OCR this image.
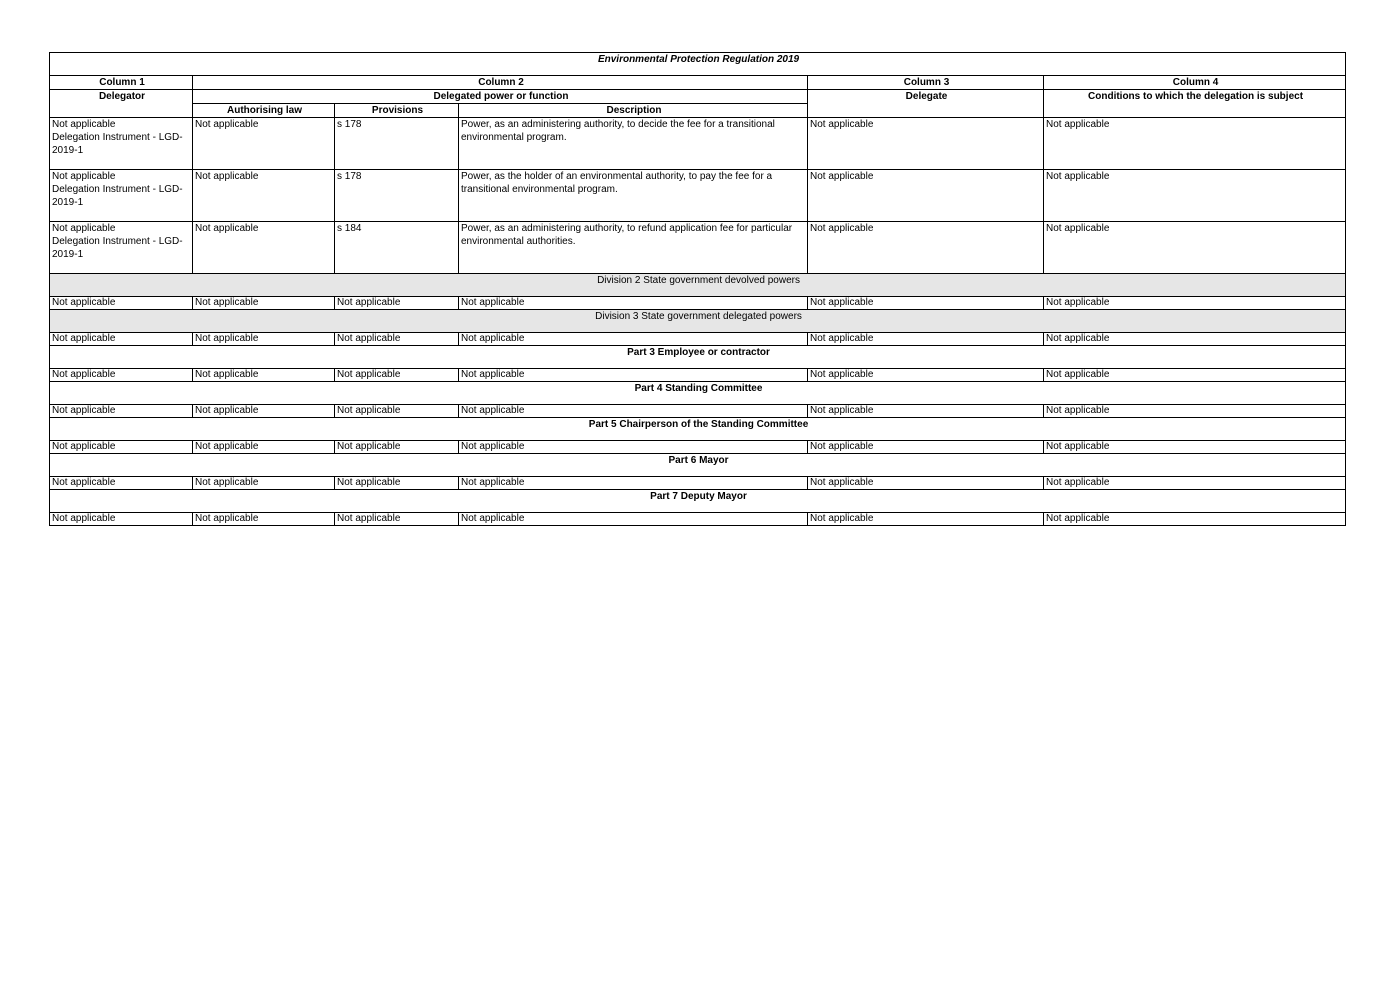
Environmental Protection Regulation 2019					
Column 1	Column 2			Column 3	Column 4
Delegator	Delegated power or function			Delegate	Conditions to which the delegation is subject
	Authorising law	Provisions	Description		

Not applicable
Delegation Instrument - LGD-2019-1	Not applicable	s 178	Power, as an administering authority, to decide the fee for a transitional environmental program.	Not applicable	Not applicable

Not applicable
Delegation Instrument - LGD-2019-1	Not applicable	s 178	Power, as the holder of an environmental authority, to pay the fee for a transitional environmental program.	Not applicable	Not applicable

Not applicable
Delegation Instrument - LGD-2019-1	Not applicable	s 184	Power, as an administering authority, to refund application fee for particular environmental authorities.	Not applicable	Not applicable
Division 2 State government devolved powers					
Not applicable	Not applicable	Not applicable	Not applicable	Not applicable	Not applicable
Division 3 State government delegated powers					
Not applicable	Not applicable	Not applicable	Not applicable	Not applicable	Not applicable
Part 3 Employee or contractor					
Not applicable	Not applicable	Not applicable	Not applicable	Not applicable	Not applicable
Part 4 Standing Committee					
Not applicable	Not applicable	Not applicable	Not applicable	Not applicable	Not applicable
Part 5 Chairperson of the Standing Committee					
Not applicable	Not applicable	Not applicable	Not applicable	Not applicable	Not applicable
Part 6 Mayor					
Not applicable	Not applicable	Not applicable	Not applicable	Not applicable	Not applicable
Part 7 Deputy Mayor					
Not applicable	Not applicable	Not applicable	Not applicable	Not applicable	Not applicable
